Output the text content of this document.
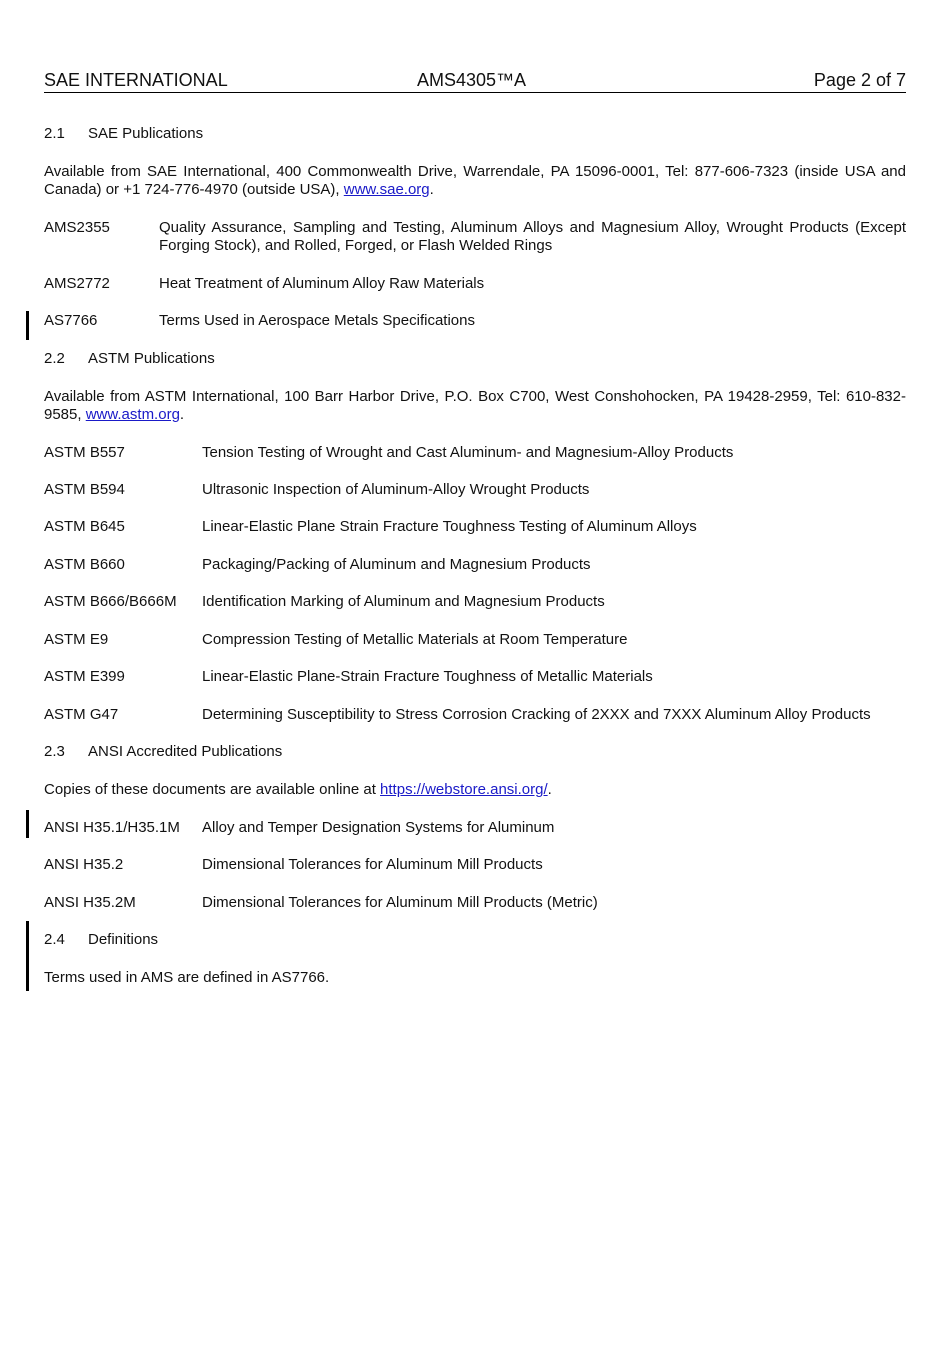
SAE INTERNATIONAL	AMS4305™A	Page 2 of 7
2.1 SAE Publications
Available from SAE International, 400 Commonwealth Drive, Warrendale, PA 15096-0001, Tel: 877-606-7323 (inside USA and Canada) or +1 724-776-4970 (outside USA), www.sae.org.
AMS2355	Quality Assurance, Sampling and Testing, Aluminum Alloys and Magnesium Alloy, Wrought Products (Except Forging Stock), and Rolled, Forged, or Flash Welded Rings
AMS2772	Heat Treatment of Aluminum Alloy Raw Materials
AS7766	Terms Used in Aerospace Metals Specifications
2.2 ASTM Publications
Available from ASTM International, 100 Barr Harbor Drive, P.O. Box C700, West Conshohocken, PA 19428-2959, Tel: 610-832-9585, www.astm.org.
ASTM B557	Tension Testing of Wrought and Cast Aluminum- and Magnesium-Alloy Products
ASTM B594	Ultrasonic Inspection of Aluminum-Alloy Wrought Products
ASTM B645	Linear-Elastic Plane Strain Fracture Toughness Testing of Aluminum Alloys
ASTM B660	Packaging/Packing of Aluminum and Magnesium Products
ASTM B666/B666M Identification Marking of Aluminum and Magnesium Products
ASTM E9	Compression Testing of Metallic Materials at Room Temperature
ASTM E399	Linear-Elastic Plane-Strain Fracture Toughness of Metallic Materials
ASTM G47	Determining Susceptibility to Stress Corrosion Cracking of 2XXX and 7XXX Aluminum Alloy Products
2.3 ANSI Accredited Publications
Copies of these documents are available online at https://webstore.ansi.org/.
ANSI H35.1/H35.1M Alloy and Temper Designation Systems for Aluminum
ANSI H35.2	Dimensional Tolerances for Aluminum Mill Products
ANSI H35.2M	Dimensional Tolerances for Aluminum Mill Products (Metric)
2.4 Definitions
Terms used in AMS are defined in AS7766.
